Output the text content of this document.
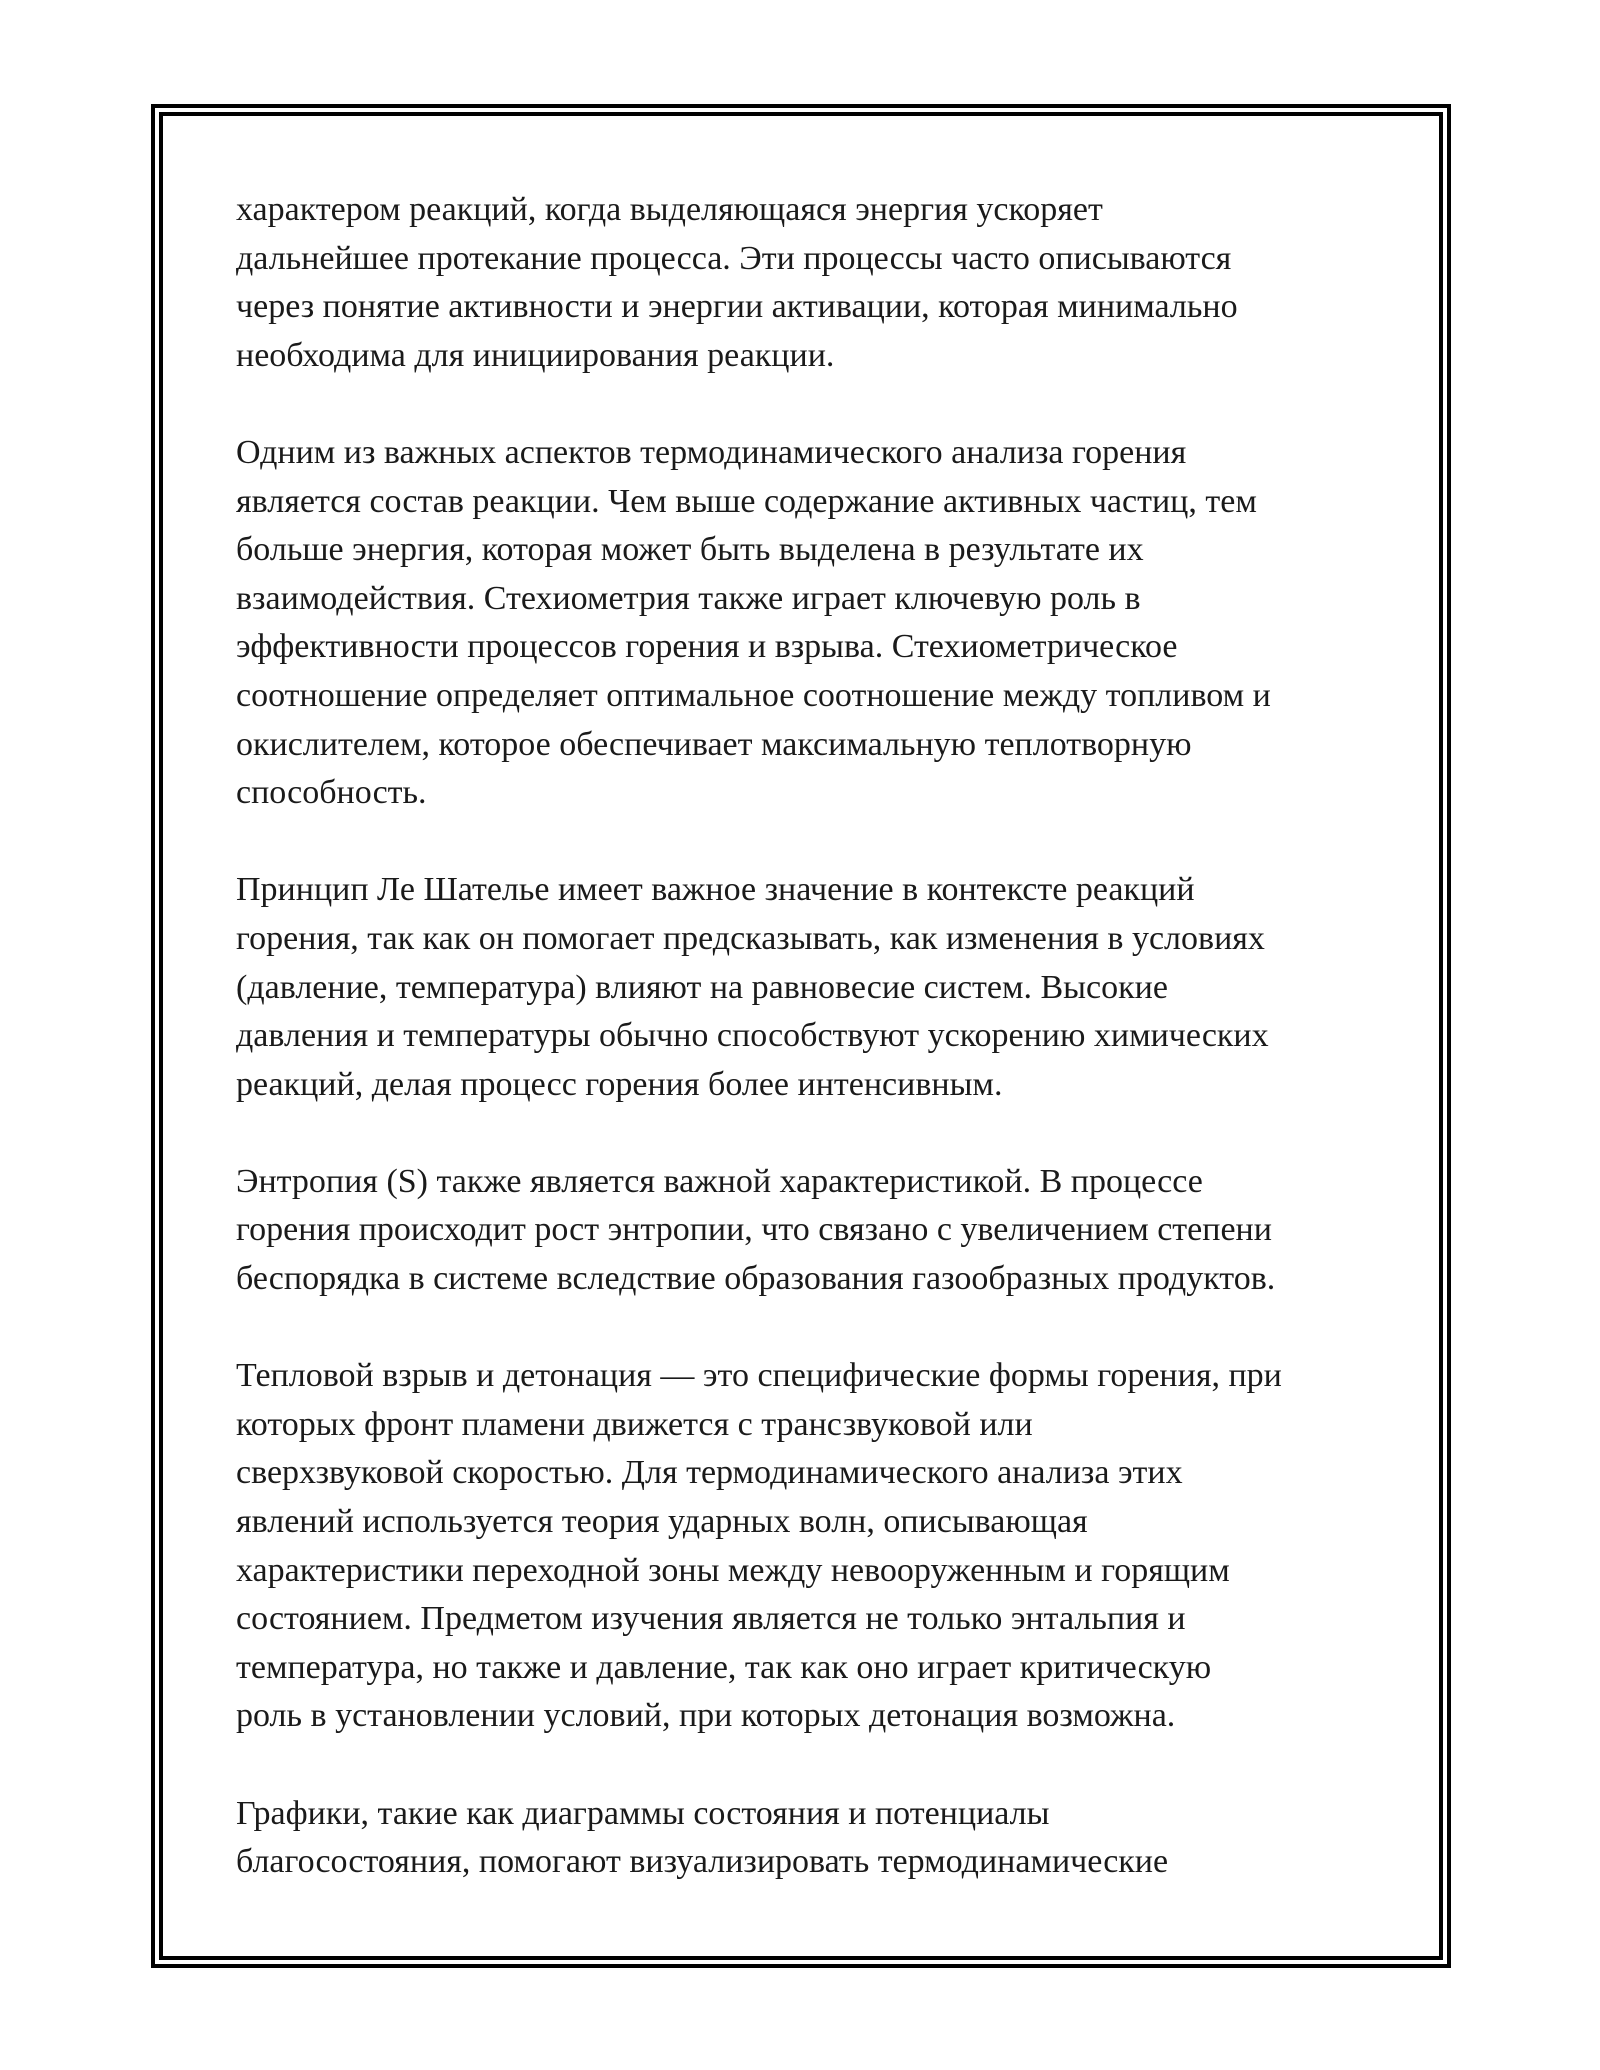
характером реакций, когда выделяющаяся энергия ускоряет
дальнейшее протекание процесса. Эти процессы часто описываются
через понятие активности и энергии активации, которая минимально
необходима для инициирования реакции.

Одним из важных аспектов термодинамического анализа горения
является состав реакции. Чем выше содержание активных частиц, тем
больше энергия, которая может быть выделена в результате их
взаимодействия. Стехиометрия также играет ключевую роль в
эффективности процессов горения и взрыва. Стехиометрическое
соотношение определяет оптимальное соотношение между топливом и
окислителем, которое обеспечивает максимальную теплотворную
способность.

Принцип Ле Шателье имеет важное значение в контексте реакций
горения, так как он помогает предсказывать, как изменения в условиях
(давление, температура) влияют на равновесие систем. Высокие
давления и температуры обычно способствуют ускорению химических
реакций, делая процесс горения более интенсивным.

Энтропия (S) также является важной характеристикой. В процессе
горения происходит рост энтропии, что связано с увеличением степени
беспорядка в системе вследствие образования газообразных продуктов.

Тепловой взрыв и детонация — это специфические формы горения, при
которых фронт пламени движется с трансзвуковой или
сверхзвуковой скоростью. Для термодинамического анализа этих
явлений используется теория ударных волн, описывающая
характеристики переходной зоны между невооруженным и горящим
состоянием. Предметом изучения является не только энтальпия и
температура, но также и давление, так как оно играет критическую
роль в установлении условий, при которых детонация возможна.

Графики, такие как диаграммы состояния и потенциалы
благосостояния, помогают визуализировать термодинамические
